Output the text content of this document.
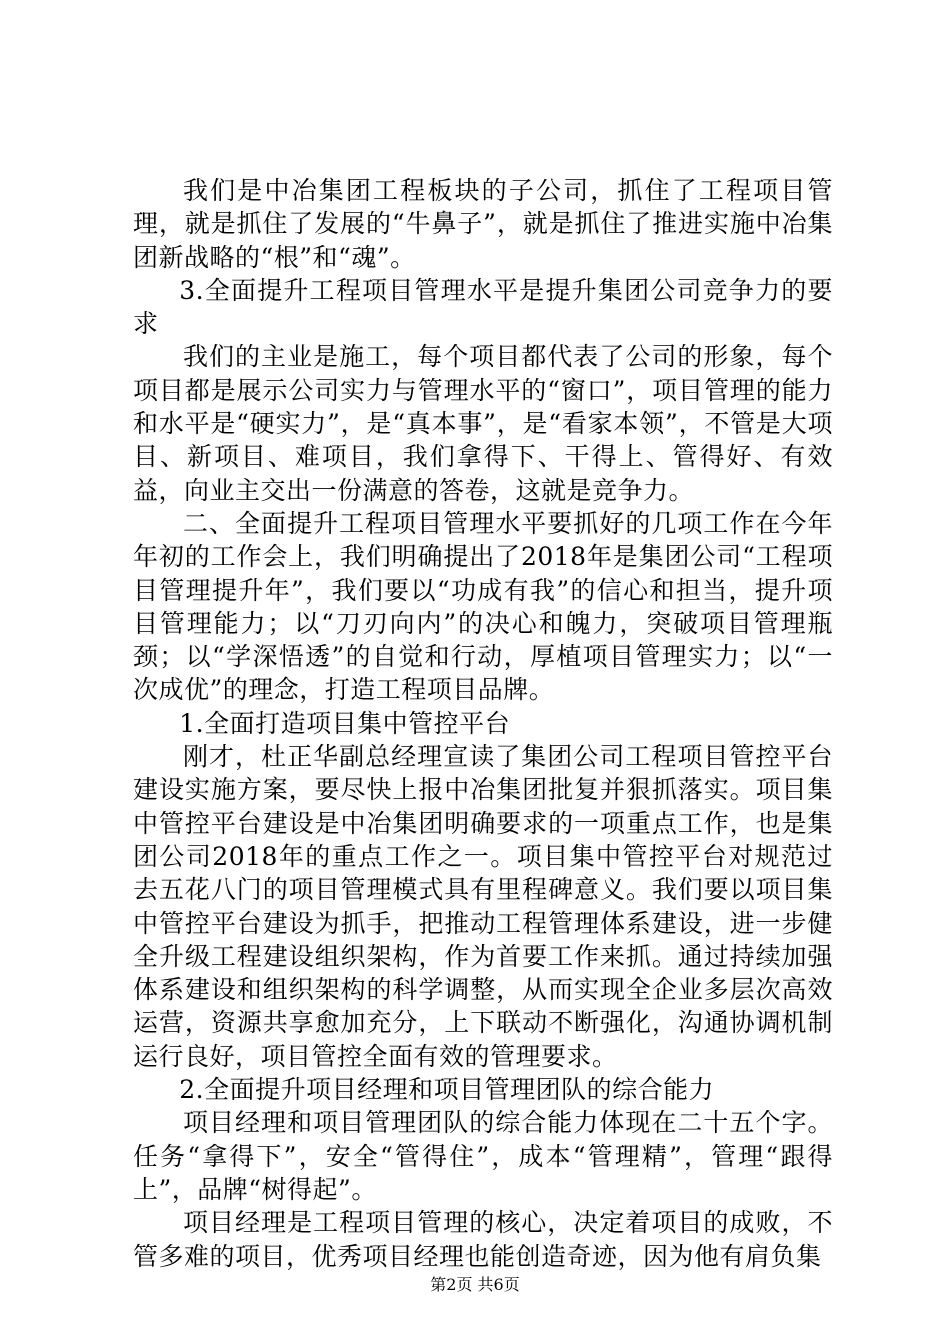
我们是中冶集团工程板块的子公司，抓住了工程项目管理，就是抓住了发展的“牛鼻子”，就是抓住了推进实施中冶集团新战略的“根”和“魂”。

3.全面提升工程项目管理水平是提升集团公司竞争力的要求

我们的主业是施工，每个项目都代表了公司的形象，每个项目都是展示公司实力与管理水平的“窗口”，项目管理的能力和水平是“硬实力”，是“真本事”，是“看家本领”，不管是大项目、新项目、难项目，我们拿得下、干得上、管得好、有效益，向业主交出一份满意的答卷，这就是竞争力。

二、全面提升工程项目管理水平要抓好的几项工作在今年年初的工作会上，我们明确提出了2018年是集团公司“工程项目管理提升年”，我们要以“功成有我”的信心和担当，提升项目管理能力；以“刀刃向内”的决心和魄力，突破项目管理瓶颈；以“学深悟透”的自觉和行动，厚植项目管理实力；以“一次成优”的理念，打造工程项目品牌。

1.全面打造项目集中管控平台

刚才，杜正华副总经理宣读了集团公司工程项目管控平台建设实施方案，要尽快上报中冶集团批复并狠抓落实。项目集中管控平台建设是中冶集团明确要求的一项重点工作，也是集团公司2018年的重点工作之一。项目集中管控平台对规范过去五花八门的项目管理模式具有里程碑意义。我们要以项目集中管控平台建设为抓手，把推动工程管理体系建设，进一步健全升级工程建设组织架构，作为首要工作来抓。通过持续加强体系建设和组织架构的科学调整，从而实现全企业多层次高效运营，资源共享愈加充分，上下联动不断强化，沟通协调机制运行良好，项目管控全面有效的管理要求。

2.全面提升项目经理和项目管理团队的综合能力

项目经理和项目管理团队的综合能力体现在二十五个字。任务“拿得下”，安全“管得住”，成本“管理精”，管理“跟得上”，品牌“树得起”。

项目经理是工程项目管理的核心，决定着项目的成败，不管多难的项目，优秀项目经理也能创造奇迹，因为他有肩负集

第2页 共6页
